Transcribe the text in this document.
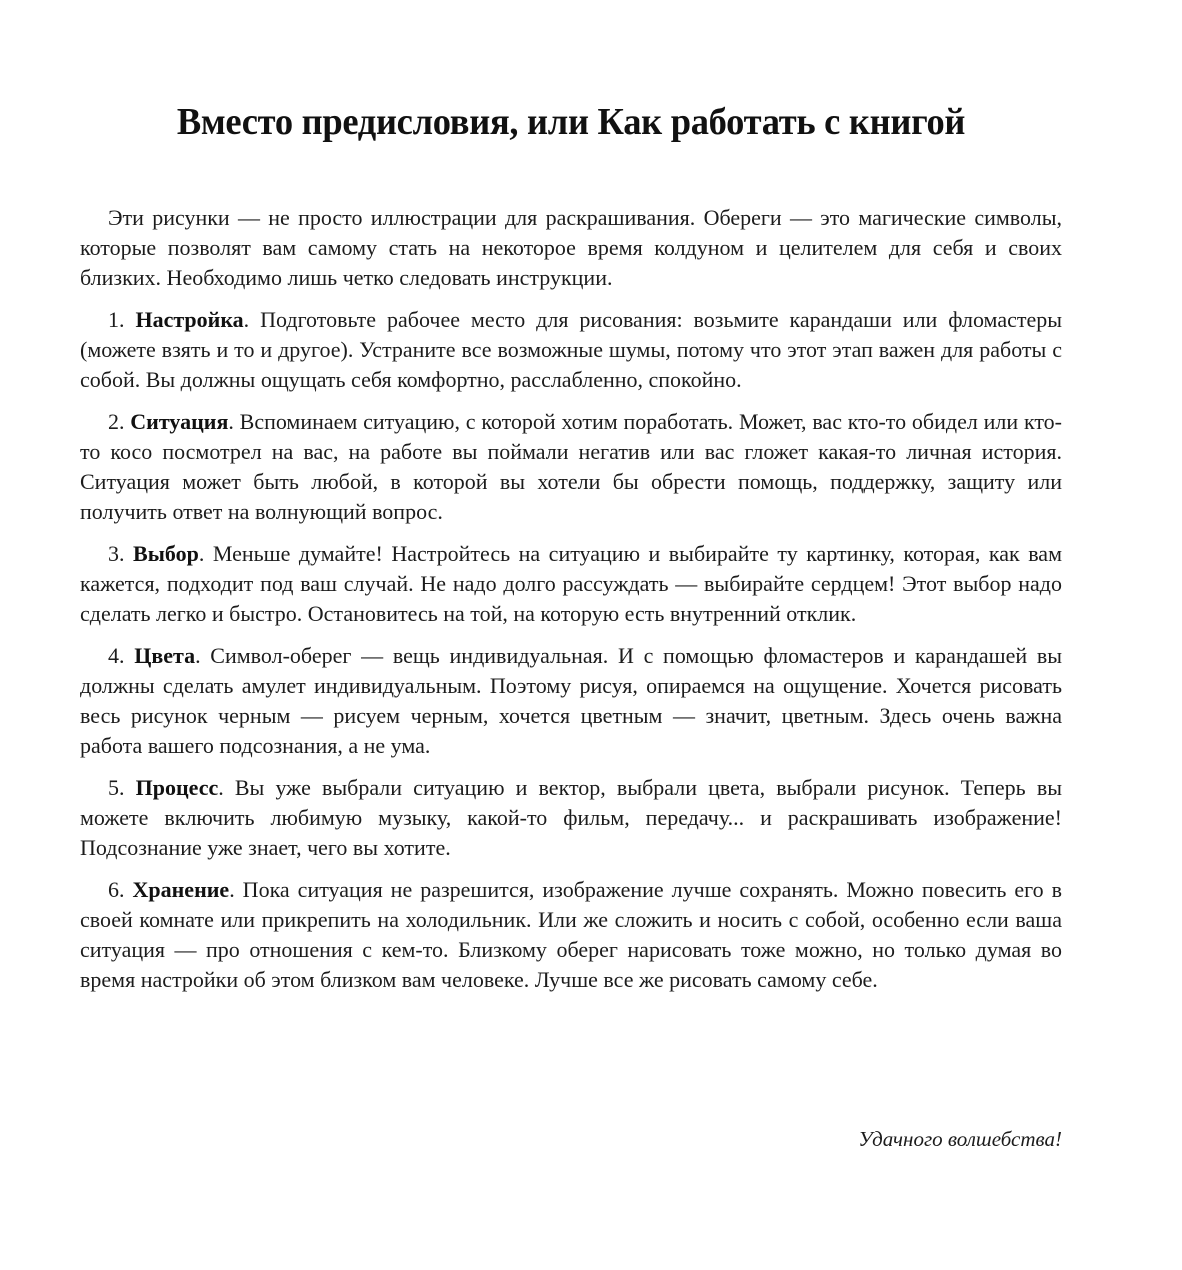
Вместо предисловия, или Как работать с книгой

Эти рисунки — не просто иллюстрации для раскрашивания. Обереги — это магические символы, которые позволят вам самому стать на некоторое время колдуном и целителем для себя и своих близких. Необходимо лишь четко следовать инструкции.

1. Настройка. Подготовьте рабочее место для рисования: возьмите карандаши или фломастеры (можете взять и то и другое). Устраните все возможные шумы, потому что этот этап важен для работы с собой. Вы должны ощущать себя комфортно, расслабленно, спокойно.

2. Ситуация. Вспоминаем ситуацию, с которой хотим поработать. Может, вас кто-то обидел или кто-то косо посмотрел на вас, на работе вы поймали негатив или вас гложет какая-то личная история. Ситуация может быть любой, в которой вы хотели бы обрести помощь, поддержку, защиту или получить ответ на волнующий вопрос.

3. Выбор. Меньше думайте! Настройтесь на ситуацию и выбирайте ту картинку, которая, как вам кажется, подходит под ваш случай. Не надо долго рассуждать — выбирайте сердцем! Этот выбор надо сделать легко и быстро. Остановитесь на той, на которую есть внутренний отклик.

4. Цвета. Символ-оберег — вещь индивидуальная. И с помощью фломастеров и карандашей вы должны сделать амулет индивидуальным. Поэтому рисуя, опираемся на ощущение. Хочется рисовать весь рисунок черным — рисуем черным, хочется цветным — значит, цветным. Здесь очень важна работа вашего подсознания, а не ума.

5. Процесс. Вы уже выбрали ситуацию и вектор, выбрали цвета, выбрали рисунок. Теперь вы можете включить любимую музыку, какой-то фильм, передачу... и раскрашивать изображение! Подсознание уже знает, чего вы хотите.

6. Хранение. Пока ситуация не разрешится, изображение лучше сохранять. Можно повесить его в своей комнате или прикрепить на холодильник. Или же сложить и носить с собой, особенно если ваша ситуация — про отношения с кем-то. Близкому оберег нарисовать тоже можно, но только думая во время настройки об этом близком вам человеке. Лучше все же рисовать самому себе.

Удачного волшебства!
